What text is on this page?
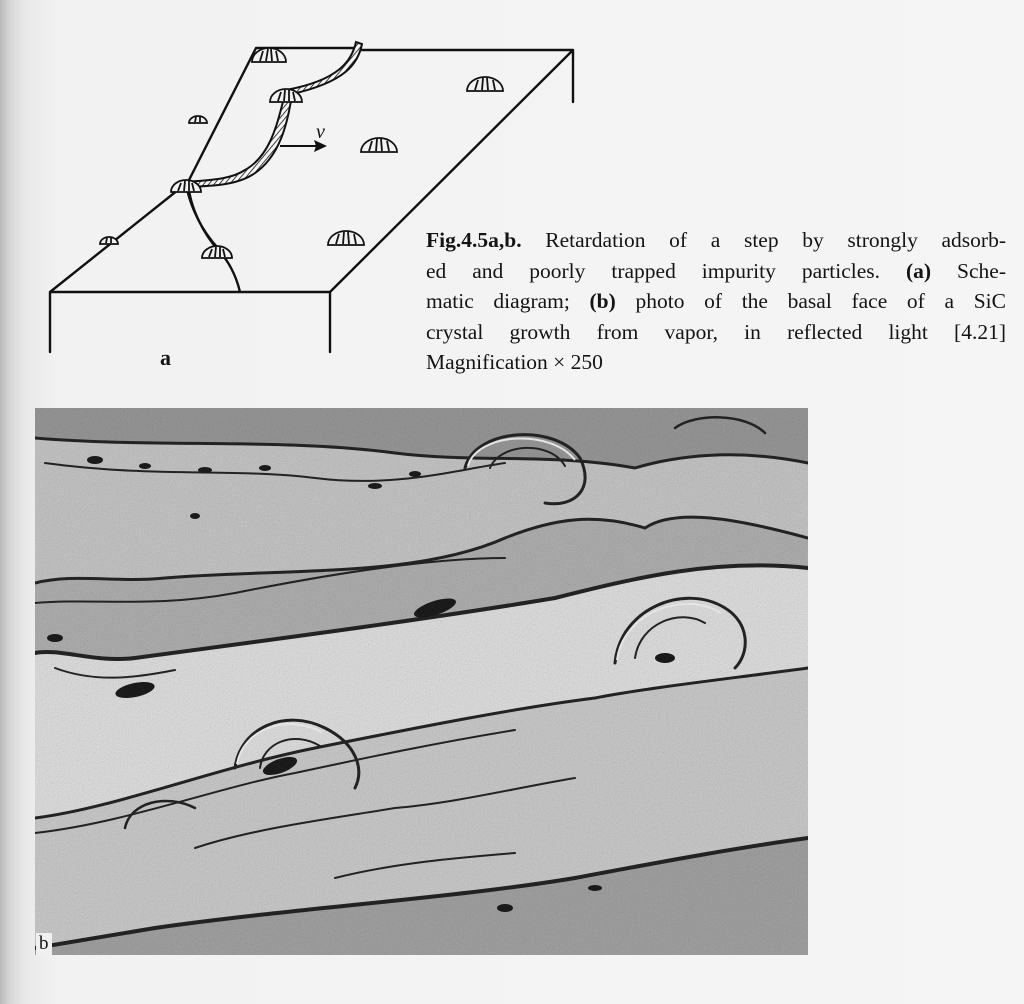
v
a
Fig.4.5a,b. Retardation of a step by strongly adsorb-
ed and poorly trapped impurity particles. (a) Sche-
matic diagram; (b) photo of the basal face of a SiC
crystal growth from vapor, in reflected light [4.21]
Magnification × 250
b
